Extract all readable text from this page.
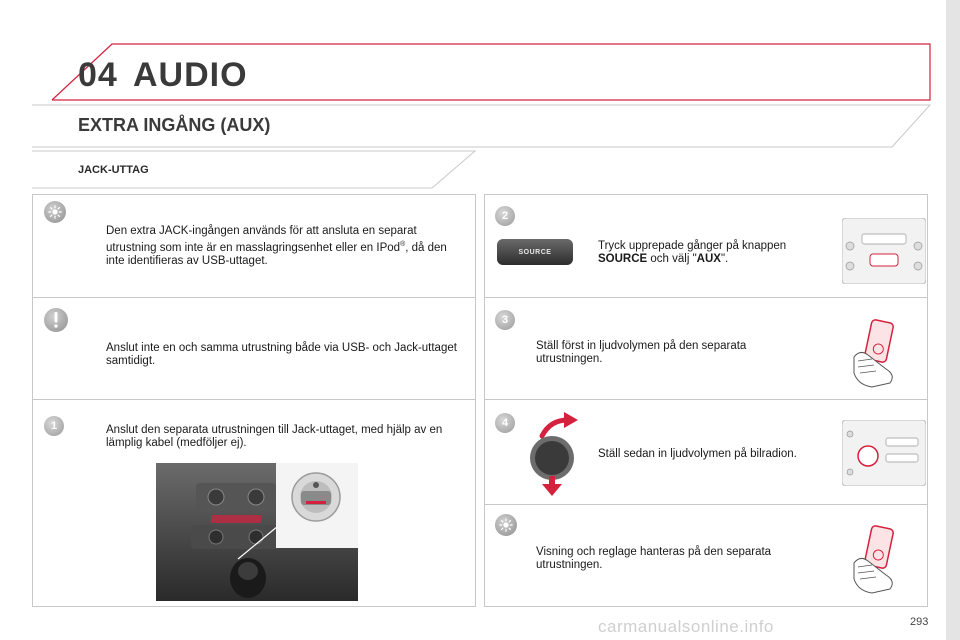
04 AUDIO
EXTRA INGÅNG (AUX)
JACK-UTTAG
Den extra JACK-ingången används för att ansluta en separat utrustning som inte är en masslagringsenhet eller en IPod®, då den inte identifieras av USB-uttaget.
Anslut inte en och samma utrustning både via USB- och Jack-uttaget samtidigt.
1	Anslut den separata utrustningen till Jack-uttaget, med hjälp av en lämplig kabel (medföljer ej).
2
SOURCE	Tryck upprepade gånger på knappen SOURCE och välj "AUX".
3
Ställ först in ljudvolymen på den separata utrustningen.
4
Ställ sedan in ljudvolymen på bilradion.
Visning och reglage hanteras på den separata utrustningen.
carmanualsonline.info	293
